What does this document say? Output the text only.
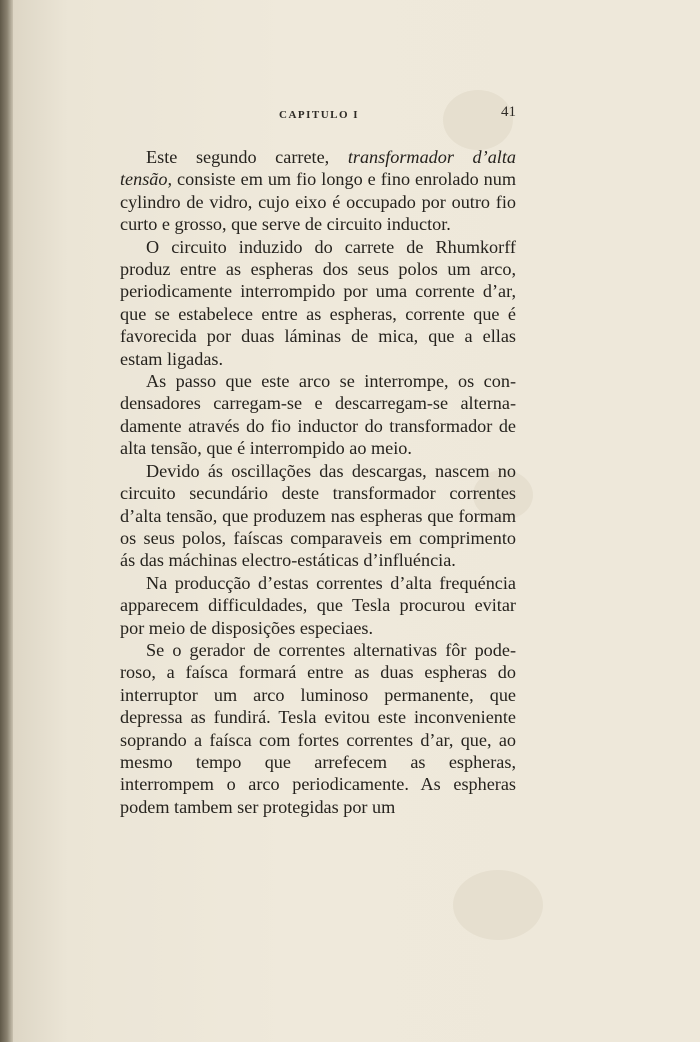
CAPITULO I	41

Este segundo carrete, transformador d’alta tensão, consiste em um fio longo e fino enrolado num cylindro de vidro, cujo eixo é occupado por outro fio curto e grosso, que serve de circuito inductor.

O circuito induzido do carrete de Rhumkorff produz entre as espheras dos seus polos um arco, periodicamente interrompido por uma corrente d’ar, que se estabelece entre as espheras, corrente que é favorecida por duas láminas de mica, que a ellas estam ligadas.

As passo que este arco se interrompe, os condensadores carregam-se e descarregam-se alternadamente através do fio inductor do transformador de alta tensão, que é interrompido ao meio.

Devido ás oscillações das descargas, nascem no circuito secundário deste transformador correntes d’alta tensão, que produzem nas espheras que formam os seus polos, faíscas comparaveis em comprimento ás das máchinas electro-estáticas d’influéncia.

Na producção d’estas correntes d’alta frequéncia apparecem difficuldades, que Tesla procurou evitar por meio de disposições especiaes.

Se o gerador de correntes alternativas fôr poderoso, a faísca formará entre as duas espheras do interruptor um arco luminoso permanente, que depressa as fundirá. Tesla evitou este inconveniente soprando a faísca com fortes correntes d’ar, que, ao mesmo tempo que arrefecem as espheras, interrompem o arco periodicamente. As espheras podem tambem ser protegidas por um
